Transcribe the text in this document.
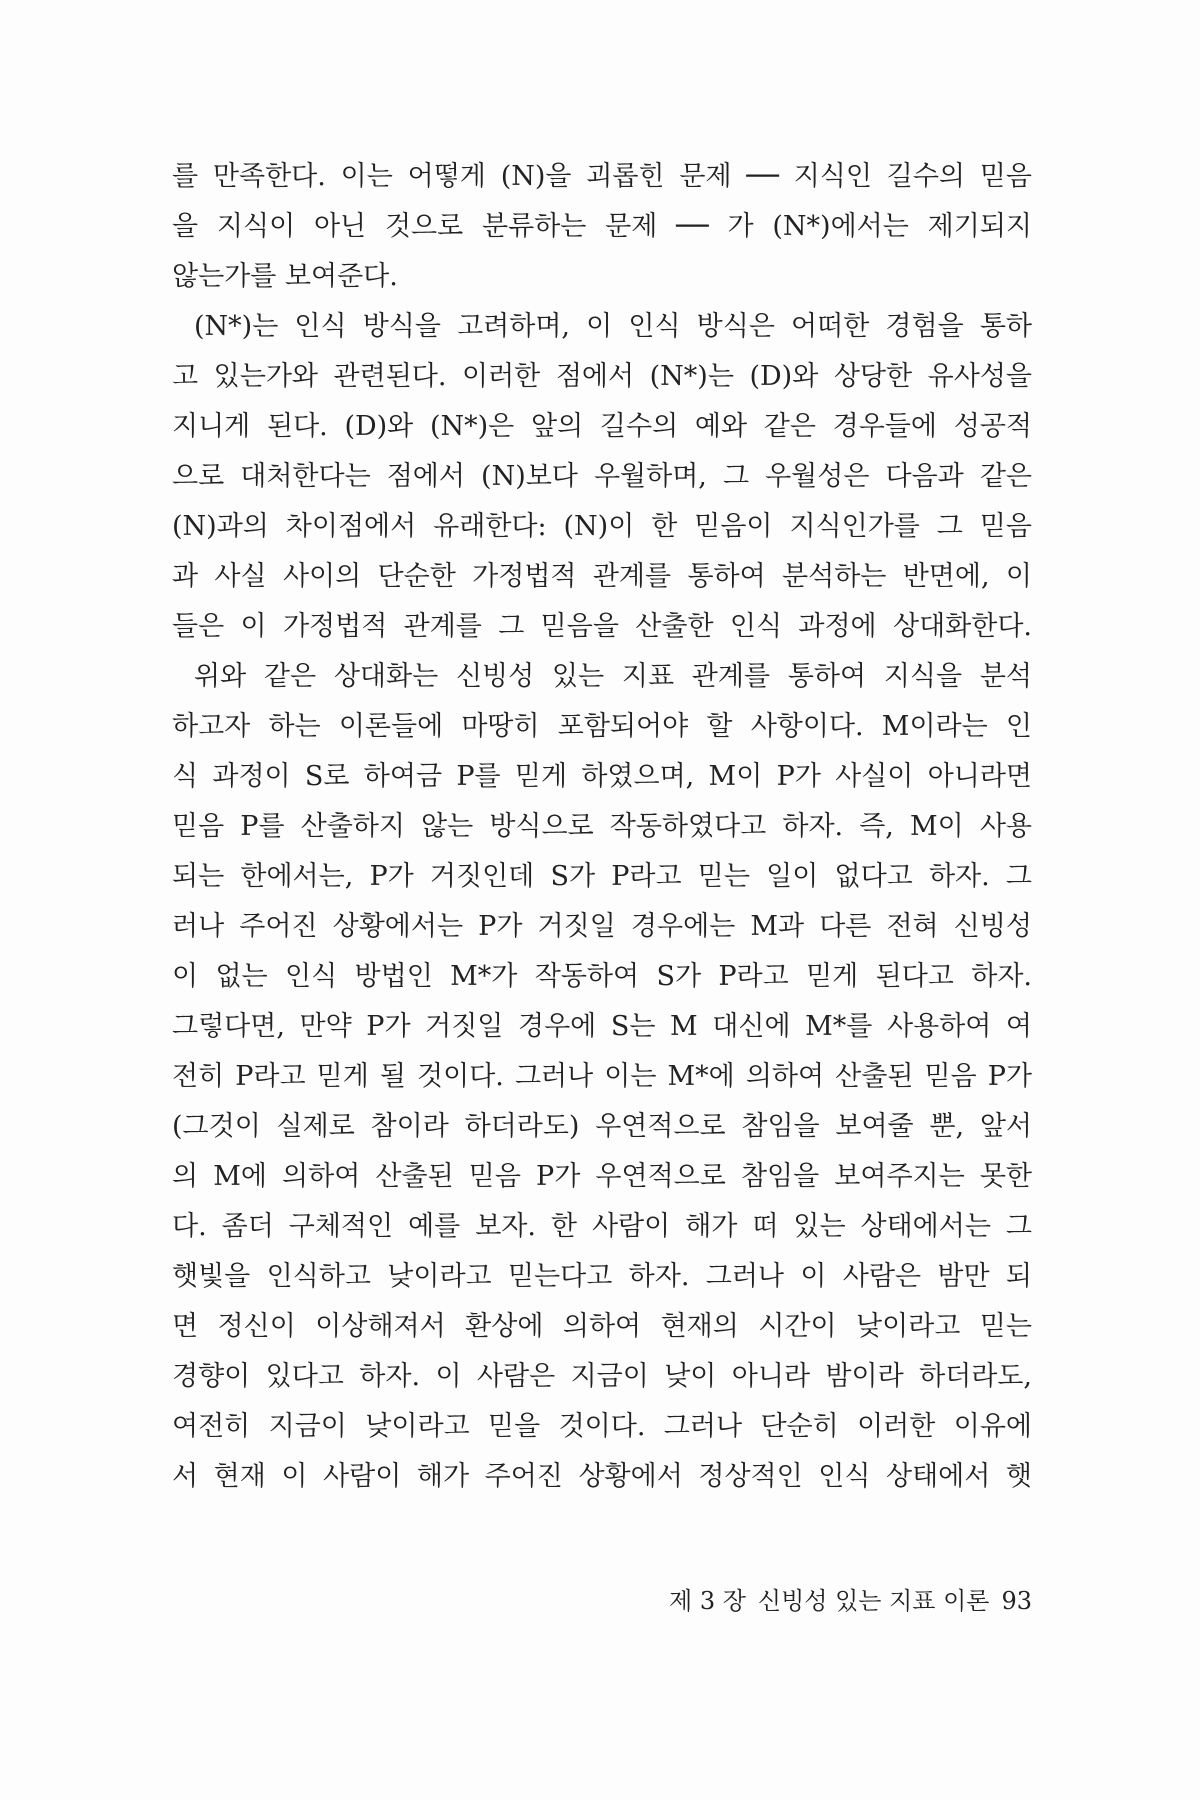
를 만족한다. 이는 어떻게 (N)을 괴롭힌 문제 ── 지식인 길수의 믿음
을 지식이 아닌 것으로 분류하는 문제 ── 가 (N*)에서는 제기되지
않는가를 보여준다.
(N*)는 인식 방식을 고려하며, 이 인식 방식은 어떠한 경험을 통하
고 있는가와 관련된다. 이러한 점에서 (N*)는 (D)와 상당한 유사성을
지니게 된다. (D)와 (N*)은 앞의 길수의 예와 같은 경우들에 성공적
으로 대처한다는 점에서 (N)보다 우월하며, 그 우월성은 다음과 같은
(N)과의 차이점에서 유래한다: (N)이 한 믿음이 지식인가를 그 믿음
과 사실 사이의 단순한 가정법적 관계를 통하여 분석하는 반면에, 이
들은 이 가정법적 관계를 그 믿음을 산출한 인식 과정에 상대화한다.
위와 같은 상대화는 신빙성 있는 지표 관계를 통하여 지식을 분석
하고자 하는 이론들에 마땅히 포함되어야 할 사항이다. M이라는 인
식 과정이 S로 하여금 P를 믿게 하였으며, M이 P가 사실이 아니라면
믿음 P를 산출하지 않는 방식으로 작동하였다고 하자. 즉, M이 사용
되는 한에서는, P가 거짓인데 S가 P라고 믿는 일이 없다고 하자. 그
러나 주어진 상황에서는 P가 거짓일 경우에는 M과 다른 전혀 신빙성
이 없는 인식 방법인 M*가 작동하여 S가 P라고 믿게 된다고 하자.
그렇다면, 만약 P가 거짓일 경우에 S는 M 대신에 M*를 사용하여 여
전히 P라고 믿게 될 것이다. 그러나 이는 M*에 의하여 산출된 믿음 P가
(그것이 실제로 참이라 하더라도) 우연적으로 참임을 보여줄 뿐, 앞서
의 M에 의하여 산출된 믿음 P가 우연적으로 참임을 보여주지는 못한
다. 좀더 구체적인 예를 보자. 한 사람이 해가 떠 있는 상태에서는 그
햇빛을 인식하고 낮이라고 믿는다고 하자. 그러나 이 사람은 밤만 되
면 정신이 이상해져서 환상에 의하여 현재의 시간이 낮이라고 믿는
경향이 있다고 하자. 이 사람은 지금이 낮이 아니라 밤이라 하더라도,
여전히 지금이 낮이라고 믿을 것이다. 그러나 단순히 이러한 이유에
서 현재 이 사람이 해가 주어진 상황에서 정상적인 인식 상태에서 햇
제 3 장 신빙성 있는 지표 이론 93
